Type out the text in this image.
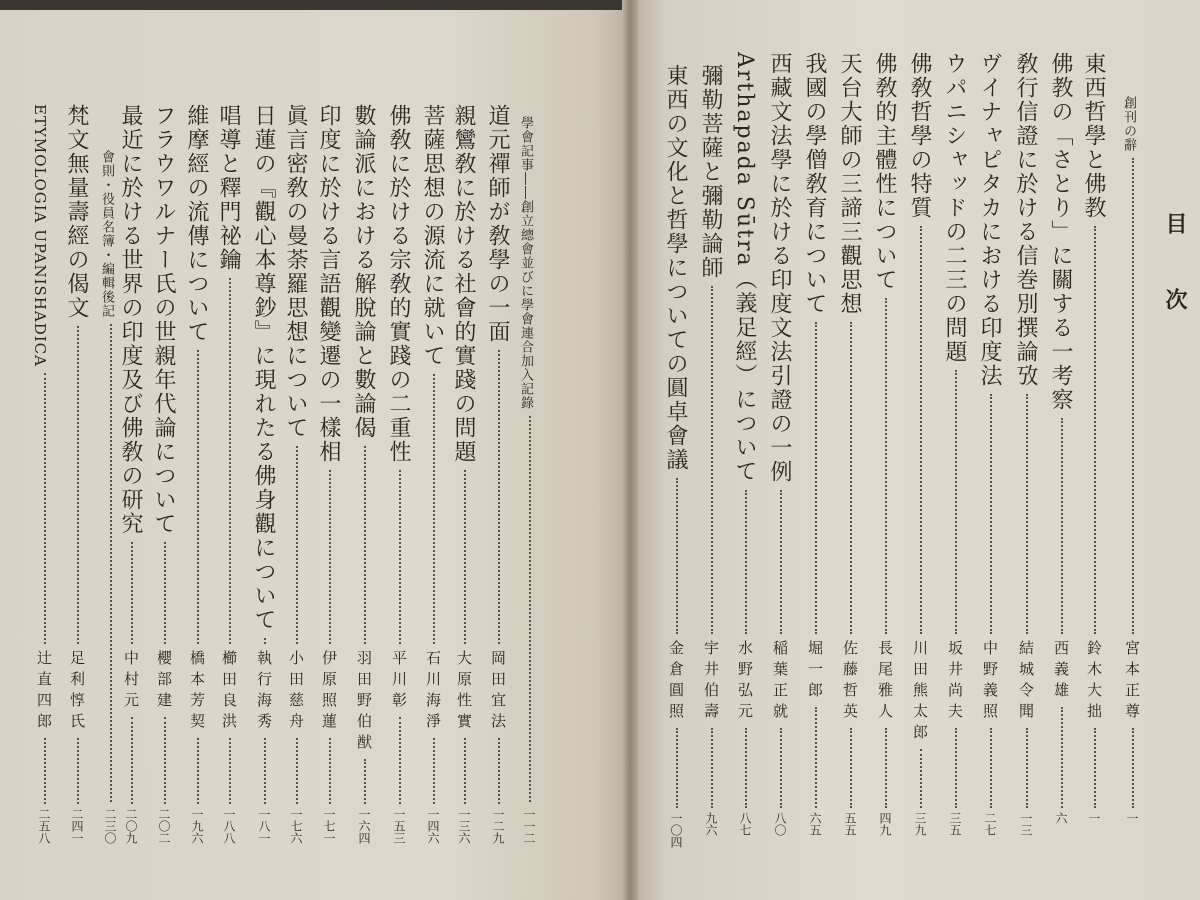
目次
創刊の辭
宮本正尊
一
東西哲學と佛教
鈴木大拙
一
佛教の「さとり」に關する一考察
西義雄
六
敎行信證に於ける信巻別撰論攷
結城令聞
一三
ヴイナャピタカにおける印度法
中野義照
二七
ウパニシャッドの二三の問題
坂井尚夫
三五
佛敎哲學の特質
川田熊太郎
三九
佛敎的主體性について
長尾雅人
四九
天台大師の三諦三觀思想
佐藤哲英
五五
我國の學僧敎育について
堀一郎
六五
西藏文法學に於ける印度文法引證の一例
稲葉正就
八〇
Arthapada Sūtra（義足經）について
水野弘元
八七
彌勒菩薩と彌勒論師
宇井伯壽
九六
東西の文化と哲學についての圓卓會議
金倉圓照
一〇四
學會記事――創立總會並びに學會連合加入記錄
一一二
道元禪師が敎學の一面
岡田宜法
一二九
親鸞敎に於ける社會的實踐の問題
大原性實
一三六
菩薩思想の源流に就いて
石川海淨
一四六
佛敎に於ける宗敎的實踐の二重性
平川彰
一五三
數論派における解脫論と數論偈
羽田野伯猷
一六四
印度に於ける言語觀變遷の一樣相
伊原照蓮
一七一
眞言密敎の曼荼羅思想について
小田慈舟
一七六
日蓮の『觀心本尊鈔』に現れたる佛身觀について
執行海秀
一八一
唱導と釋門祕鑰
櫛田良洪
一八八
維摩經の流傳について
橋本芳契
一九六
フラウワルナー氏の世親年代論について
櫻部建
二〇二
最近に於ける世界の印度及び佛敎の研究
中村元
二〇九
會則・役員名簿・編輯後記
二三〇
梵文無量壽經の偈文
足利惇氏
二四一
ETYMOLOGIA UPANISHADICA
辻直四郎
二五八
